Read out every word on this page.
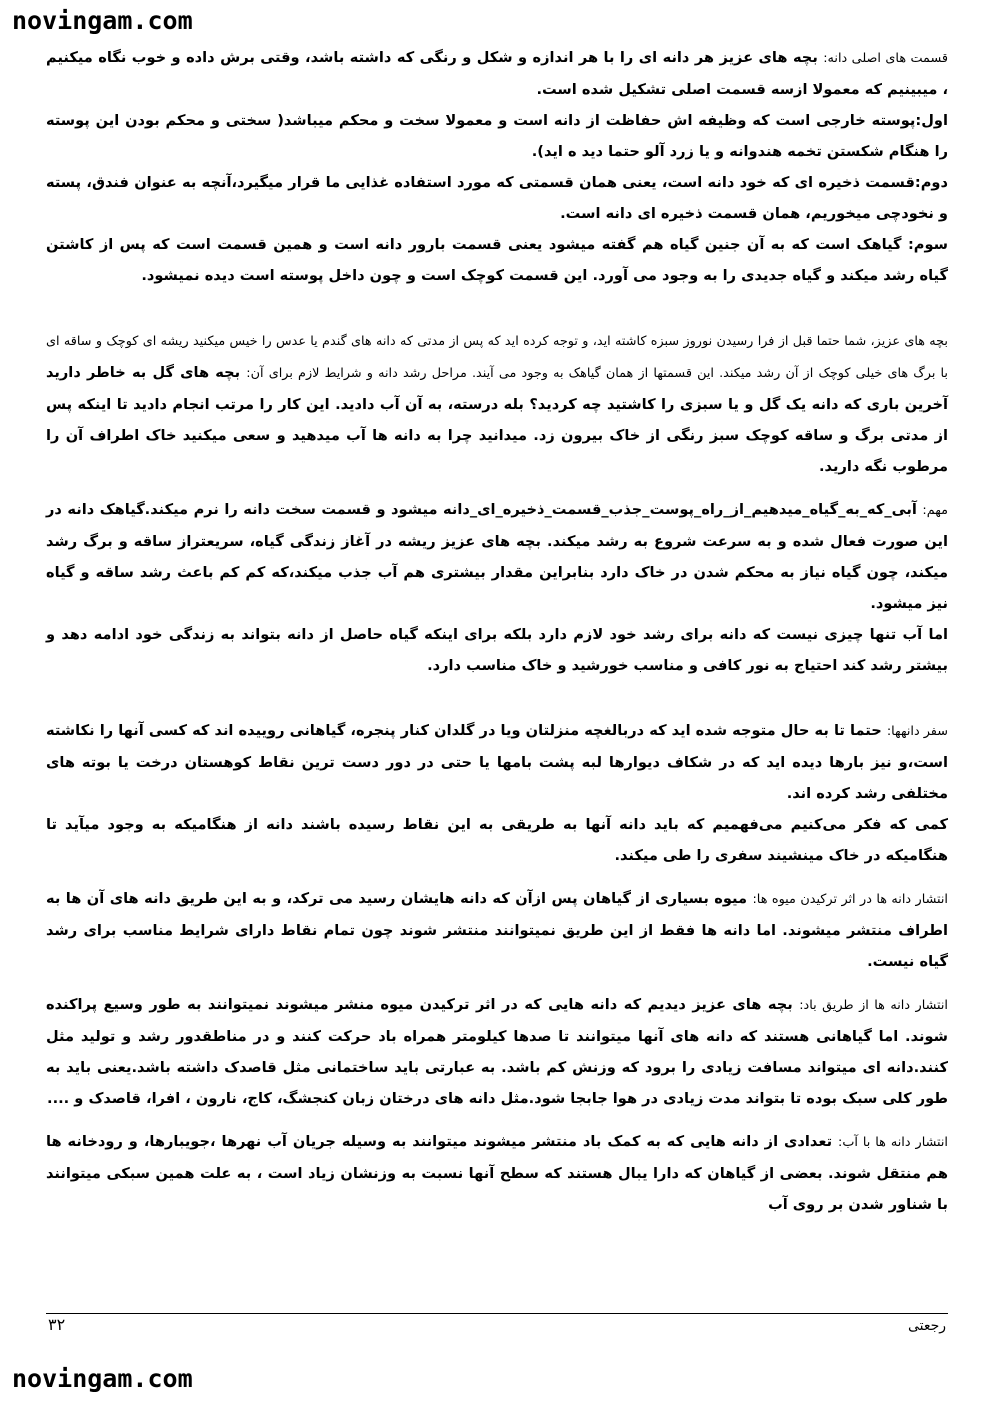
novingam.com

قسمت های اصلی دانه: بچه های عزیز هر دانه ای را با هر اندازه و شکل و رنگی که داشته باشد، وقتی برش داده و خوب نگاه میکنیم ، میبینیم که معمولا ازسه قسمت اصلی تشکیل شده است.

اول:پوسته خارجی است که وظیفه اش حفاظت از دانه است و معمولا سخت و محکم میباشد( سختی و محکم بودن این پوسته را هنگام شکستن تخمه هندوانه و یا زرد آلو حتما دید ه اید).

دوم:قسمت ذخیره ای که خود دانه است، یعنی همان قسمتی که مورد استفاده غذایی ما قرار میگیرد،آنچه به عنوان فندق، پسته و نخودچی میخوریم، همان قسمت ذخیره ای دانه است.

سوم: گیاهک است که به آن جنین گیاه هم گفته میشود یعنی قسمت بارور دانه است و همین قسمت است که پس از کاشتن گیاه رشد میکند و گیاه جدیدی را به وجود می آورد. این قسمت کوچک است و چون داخل پوسته است دیده نمیشود.

بچه های عزیز، شما حتما قبل از فرا رسیدن نوروز سبزه کاشته اید، و توجه کرده اید که پس از مدتی که دانه های گندم یا عدس را خیس میکنید ریشه ای کوچک و ساقه ای با برگ های خیلی کوچک از آن رشد میکند. این قسمتها از همان گیاهک به وجود می آیند. مراحل رشد دانه و شرایط لازم برای آن: بچه های گل به خاطر دارید آخرین باری که دانه یک گل و یا سبزی را کاشتید چه کردید؟ بله درسته، به آن آب دادید. این کار را مرتب انجام دادید تا اینکه پس از مدتی برگ و ساقه کوچک سبز رنگی از خاک بیرون زد. میدانید چرا به دانه ها آب میدهید و سعی میکنید خاک اطراف آن را مرطوب نگه دارید.

مهم: آبی_که_به_گیاه_میدهیم_از_راه_پوست_جذب_قسمت_ذخیره_ای_دانه میشود و قسمت سخت دانه را نرم میکند.گیاهک دانه در این صورت فعال شده و به سرعت شروع به رشد میکند. بچه های عزیز ریشه در آغاز زندگی گیاه، سریعتراز ساقه و برگ رشد میکند، چون گیاه نیاز به محکم شدن در خاک دارد بنابراین مقدار بیشتری هم آب جذب میکند،که کم کم باعث رشد ساقه و گیاه نیز میشود.

اما آب تنها چیزی نیست که دانه برای رشد خود لازم دارد بلکه برای اینکه گیاه حاصل از دانه بتواند به زندگی خود ادامه دهد و بیشتر رشد کند احتیاج به نور کافی و مناسب خورشید و خاک مناسب دارد.

سفر دانهها: حتما تا به حال متوجه شده اید که دربالغچه منزلتان ویا در گلدان کنار پنجره، گیاهانی روییده اند که کسی آنها را نکاشته است،و نیز بارها دیده اید که در شکاف دیوارها لبه پشت بامها یا حتی در دور دست ترین نقاط کوهستان درخت یا بوته های مختلفی رشد کرده اند.

کمی که فکر می‌کنیم می‌فهمیم که باید دانه آنها به طریقی به این نقاط رسیده باشند دانه از هنگامیکه به وجود میآید تا هنگامیکه در خاک مینشیند سفری را طی میکند.

انتشار دانه ها در اثر ترکیدن میوه ها: میوه بسیاری از گیاهان پس ازآن که دانه هایشان رسید می ترکد، و به این طریق دانه های آن ها به اطراف منتشر میشوند. اما دانه ها فقط از این طریق نمیتوانند منتشر شوند چون تمام نقاط دارای شرایط مناسب برای رشد گیاه نیست.

انتشار دانه ها از طریق باد: بچه های عزیز دیدیم که دانه هایی که در اثر ترکیدن میوه منشر میشوند نمیتوانند به طور وسیع پراکنده شوند. اما گیاهانی هستند که دانه های آنها میتوانند تا صدها کیلومتر همراه باد حرکت کنند و در مناطقدور رشد و تولید مثل کنند.دانه ای میتواند مسافت زیادی را برود که وزنش کم باشد. به عبارتی باید ساختمانی مثل قاصدک داشته باشد.یعنی باید به طور کلی سبک بوده تا بتواند مدت زیادی در هوا جابجا شود.مثل دانه های درختان زبان کنجشگ، کاج، نارون ، افرا، قاصدک و ....

انتشار دانه ها با آب: تعدادی از دانه هایی که به کمک باد منتشر میشوند میتوانند به وسیله جریان آب نهرها ،جویبارها، و رودخانه ها هم منتقل شوند. بعضی از گیاهان که دارا یبال هستند که سطح آنها نسبت به وزنشان زیاد است ، به علت همین سبکی میتوانند با شناور شدن بر روی آب

۳۲	رجعتی
novingam.com
